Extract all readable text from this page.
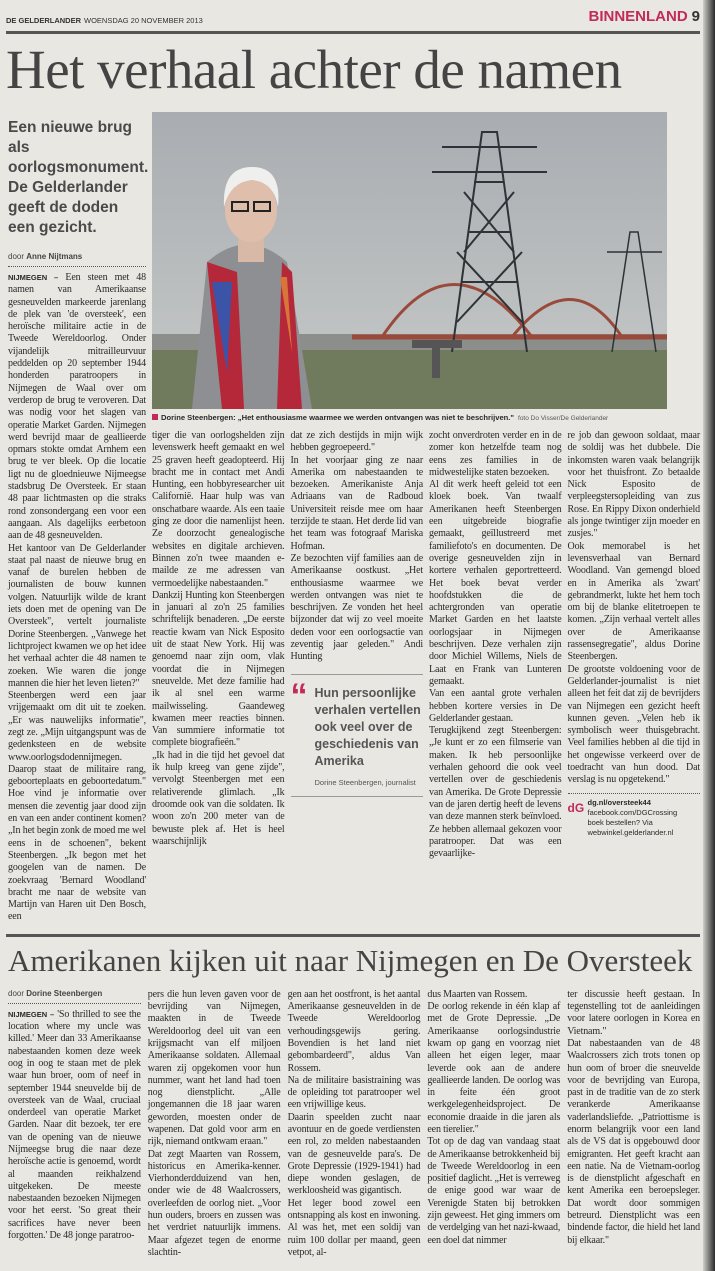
DE GELDERLANDER WOENSDAG 20 NOVEMBER 2013	BINNENLAND 9
Het verhaal achter de namen
Een nieuwe brug als oorlogsmonument. De Gelderlander geeft de doden een gezicht.
door Anne Nijtmans

NIJMEGEN – Een steen met 48 namen van Amerikaanse gesneuvelden markeerde jarenlang de plek van 'de oversteek', een heroïsche militaire actie in de Tweede Wereldoorlog. Onder vijandelijk mitrailleurvuur peddelden op 20 september 1944 honderden paratroopers in Nijmegen de Waal over om verderop de brug te veroveren. Dat was nodig voor het slagen van operatie Market Garden. Nijmegen werd bevrijd maar de geallieerde opmars stokte omdat Arnhem een brug te ver bleek. Op die locatie ligt nu de gloednieuwe Nijmeegse stadsbrug De Oversteek. Er staan 48 paar lichtmasten op die straks rond zonsondergang een voor een aangaan. Als dagelijks eerbetoon aan de 48 gesneuvelden.

Het kantoor van De Gelderlander staat pal naast de nieuwe brug en vanaf de burelen hebben de journalisten de bouw kunnen volgen. Natuurlijk wilde de krant iets doen met de opening van De Oversteek", vertelt journaliste Dorine Steenbergen. „Vanwege het lichtproject kwamen we op het idee het verhaal achter die 48 namen te zoeken. Wie waren die jonge mannen die hier het leven lieten?"

Steenbergen werd een jaar vrijgemaakt om dit uit te zoeken. „Er was nauwelijks informatie", zegt ze. „Mijn uitgangspunt was de gedenksteen en de website www.oorlogsdodennijmegen. Daarop staat de militaire rang, geboorteplaats en geboortedatum." Hoe vind je informatie over mensen die zeventig jaar dood zijn en van een ander continent komen? „In het begin zonk de moed me wel eens in de schoenen", bekent Steenbergen. „Ik begon met het googelen van de namen. De zoekvraag 'Bernard Woodland' bracht me naar de website van Martijn van Haren uit Den Bosch, een

Dorine Steenbergen: „Het enthousiasme waarmee we werden ontvangen was niet te beschrijven." foto Do Visser/De Gelderlander

tiger die van oorlogshelden zijn levenswerk heeft gemaakt en wel 25 graven heeft geadopteerd. Hij bracht me in contact met Andi Hunting, een hobbyresearcher uit Californië. Haar hulp was van onschatbare waarde. Als een taaie ging ze door die namenlijst heen. Ze doorzocht genealogische websites en digitale archieven. Binnen zo'n twee maanden e-mailde ze me adressen van vermoedelijke nabestaanden."

Dankzij Hunting kon Steenbergen in januari al zo'n 25 families schriftelijk benaderen. „De eerste reactie kwam van Nick Esposito uit de staat New York. Hij was genoemd naar zijn oom, vlak voordat die in Nijmegen sneuvelde. Met deze familie had ik al snel een warme mailwisseling. Gaandeweg kwamen meer reacties binnen. Van summiere informatie tot complete biografieën."

„Ik had in die tijd het gevoel dat ik hulp kreeg van gene zijde", vervolgt Steenbergen met een relativerende glimlach. „Ik droomde ook van die soldaten. Ik woon zo'n 200 meter van de bewuste plek af. Het is heel waarschijnlijk

dat ze zich destijds in mijn wijk hebben gegroepeerd."

In het voorjaar ging ze naar Amerika om nabestaanden te bezoeken. Amerikaniste Anja Adriaans van de Radboud Universiteit reisde mee om haar terzijde te staan. Het derde lid van het team was fotograaf Mariska Hofman.

Ze bezochten vijf families aan de Amerikaanse oostkust. „Het enthousiasme waarmee we werden ontvangen was niet te beschrijven. Ze vonden het heel bijzonder dat wij zo veel moeite deden voor een oorlogsactie van zeventig jaar geleden." Andi Hunting

“ Hun persoonlijke verhalen vertellen ook veel over de geschiedenis van Amerika
Dorine Steenbergen, journalist

zocht onverdroten verder en in de zomer kon hetzelfde team nog eens zes families in de midwestelijke staten bezoeken.

Al dit werk heeft geleid tot een kloek boek. Van twaalf Amerikanen heeft Steenbergen een uitgebreide biografie gemaakt, geïllustreerd met familiefoto's en documenten. De overige gesneuvelden zijn in kortere verhalen geportretteerd. Het boek bevat verder hoofdstukken die de achtergronden van operatie Market Garden en het laatste oorlogsjaar in Nijmegen beschrijven. Deze verhalen zijn door Michiel Willems, Niels de Laat en Frank van Lunteren gemaakt.

Van een aantal grote verhalen hebben kortere versies in De Gelderlander gestaan.

Terugkijkend zegt Steenbergen: „Je kunt er zo een filmserie van maken. Ik heb persoonlijke verhalen gehoord die ook veel vertellen over de geschiedenis van Amerika. De Grote Depressie van de jaren dertig heeft de levens van deze mannen sterk beïnvloed. Ze hebben allemaal gekozen voor paratrooper. Dat was een gevaarlijke-

re job dan gewoon soldaat, maar de soldij was het dubbele. Die inkomsten waren vaak belangrijk voor het thuisfront. Zo betaalde Nick Esposito de verpleegstersopleiding van zus Rose. En Rippy Dixon onderhield als jonge twintiger zijn moeder en zusjes."

Ook memorabel is het levensverhaal van Bernard Woodland. Van gemengd bloed en in Amerika als 'zwart' gebrandmerkt, lukte het hem toch om bij de blanke elitetroepen te komen. „Zijn verhaal vertelt alles over de Amerikaanse rassensegregatie", aldus Dorine Steenbergen.

De grootste voldoening voor de Gelderlander-journalist is niet alleen het feit dat zij de bevrijders van Nijmegen een gezicht heeft kunnen geven. „Velen heb ik symbolisch weer thuisgebracht. Veel families hebben al die tijd in het ongewisse verkeerd over de toedracht van hun dood. Dat verslag is nu opgetekend."

dG dg.nl/oversteek44
facebook.com/DGCrossing
boek bestellen? Via
webwinkel.gelderlander.nl
Amerikanen kijken uit naar Nijmegen en De Oversteek
door Dorine Steenbergen

NIJMEGEN – 'So thrilled to see the location where my uncle was killed.' Meer dan 33 Amerikaanse nabestaanden komen deze week oog in oog te staan met de plek waar hun broer, oom of neef in september 1944 sneuvelde bij de oversteek van de Waal, cruciaal onderdeel van operatie Market Garden. Naar dit bezoek, ter ere van de opening van de nieuwe Nijmeegse brug die naar deze heroïsche actie is genoemd, wordt al maanden reikhalzend uitgekeken. De meeste nabestaanden bezoeken Nijmegen voor het eerst. 'So great their sacrifices have never been forgotten.' De 48 jonge paratroo-

pers die hun leven gaven voor de bevrijding van Nijmegen, maakten in de Tweede Wereldoorlog deel uit van een krijgsmacht van elf miljoen Amerikaanse soldaten. Allemaal waren zij opgekomen voor hun nummer, want het land had toen nog dienstplicht. „Alle jongemannen die 18 jaar waren geworden, moesten onder de wapenen. Dat gold voor arm en rijk, niemand ontkwam eraan."

Dat zegt Maarten van Rossem, historicus en Amerika-kenner. Vierhonderdduizend van hen, onder wie de 48 Waalcrossers, overleefden de oorlog niet. „Voor hun ouders, broers en zussen was het verdriet natuurlijk immens. Maar afgezet tegen de enorme slachtin-

gen aan het oostfront, is het aantal Amerikaanse gesneuvelden in de Tweede Wereldoorlog verhoudingsgewijs gering. Bovendien is het land niet gebombardeerd", aldus Van Rossem.

Na de militaire basistraining was de opleiding tot paratrooper wel een vrijwillige keus.

Daarin speelden zucht naar avontuur en de goede verdiensten een rol, zo melden nabestaanden van de gesneuvelde para's. De Grote Depressie (1929-1941) had diepe wonden geslagen, de werkloosheid was gigantisch.

Het leger bood zowel een ontsnapping als kost en inwoning. Al was het, met een soldij van ruim 100 dollar per maand, geen vetpot, al-

dus Maarten van Rossem.

De oorlog rekende in één klap af met de Grote Depressie. „De Amerikaanse oorlogsindustrie kwam op gang en voorzag niet alleen het eigen leger, maar leverde ook aan de andere geallieerde landen. De oorlog was in feite één groot werkgelegenheidsproject. De economie draaide in die jaren als een tierelier."

Tot op de dag van vandaag staat de Amerikaanse betrokkenheid bij de Tweede Wereldoorlog in een positief daglicht. „Het is verreweg de enige good war waar de Verenigde Staten bij betrokken zijn geweest. Het ging immers om de verdelging van het nazi-kwaad, een doel dat nimmer

ter discussie heeft gestaan. In tegenstelling tot de aanleidingen voor latere oorlogen in Korea en Vietnam."

Dat nabestaanden van de 48 Waalcrossers zich trots tonen op hun oom of broer die sneuvelde voor de bevrijding van Europa, past in de traditie van de zo sterk verankerde Amerikaanse vaderlandsliefde. „Patriottisme is enorm belangrijk voor een land als de VS dat is opgebouwd door emigranten. Het geeft kracht aan een natie. Na de Vietnam-oorlog is de dienstplicht afgeschaft en kent Amerika een beroepsleger. Dat wordt door sommigen betreurd. Dienstplicht was een bindende factor, die hield het land bij elkaar."
